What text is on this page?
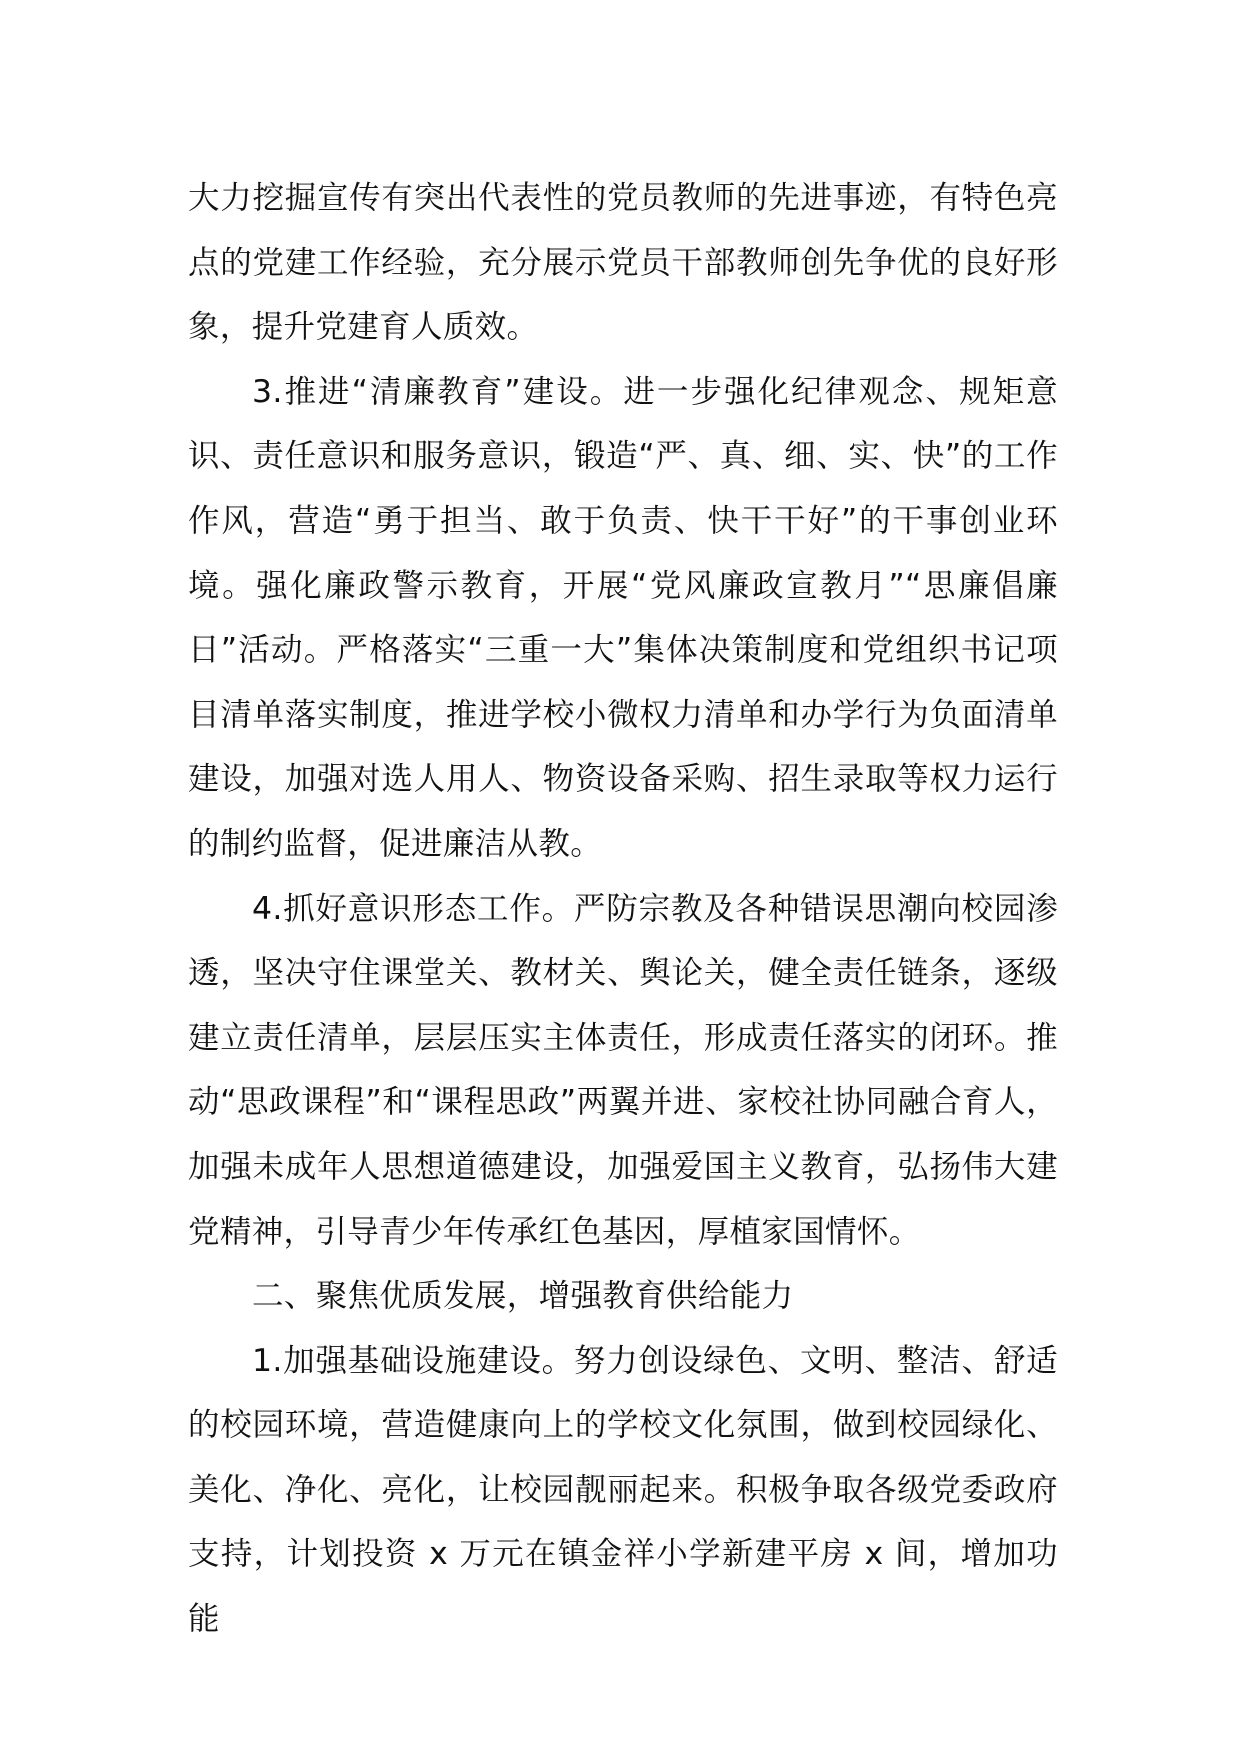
大力挖掘宣传有突出代表性的党员教师的先进事迹，有特色亮点的党建工作经验，充分展示党员干部教师创先争优的良好形象，提升党建育人质效。

3.推进“清廉教育”建设。进一步强化纪律观念、规矩意识、责任意识和服务意识，锻造“严、真、细、实、快”的工作作风，营造“勇于担当、敢于负责、快干干好”的干事创业环境。强化廉政警示教育，开展“党风廉政宣教月”“思廉倡廉日”活动。严格落实“三重一大”集体决策制度和党组织书记项目清单落实制度，推进学校小微权力清单和办学行为负面清单建设，加强对选人用人、物资设备采购、招生录取等权力运行的制约监督，促进廉洁从教。

4.抓好意识形态工作。严防宗教及各种错误思潮向校园渗透，坚决守住课堂关、教材关、舆论关，健全责任链条，逐级建立责任清单，层层压实主体责任，形成责任落实的闭环。推动“思政课程”和“课程思政”两翼并进、家校社协同融合育人，加强未成年人思想道德建设，加强爱国主义教育，弘扬伟大建党精神，引导青少年传承红色基因，厚植家国情怀。

二、聚焦优质发展，增强教育供给能力

1.加强基础设施建设。努力创设绿色、文明、整洁、舒适的校园环境，营造健康向上的学校文化氛围，做到校园绿化、美化、净化、亮化，让校园靓丽起来。积极争取各级党委政府支持，计划投资 x 万元在镇金祥小学新建平房 x 间，增加功能
